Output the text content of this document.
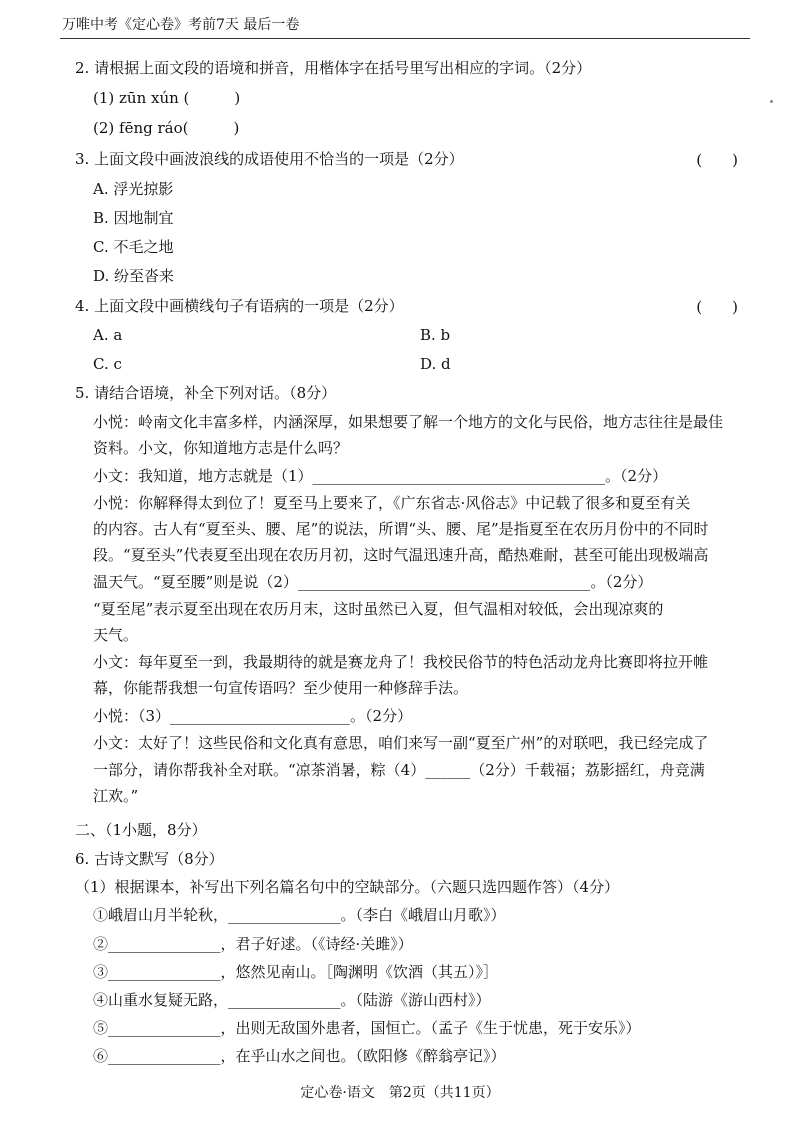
万唯中考《定心卷》考前7天 最后一卷
2. 请根据上面文段的语境和拼音，用楷体字在括号里写出相应的字词。（2分）
(1) zūn xún (　　　)
(2) fēng ráo(　　　)
3. 上面文段中画波浪线的成语使用不恰当的一项是（2分）
A. 浮光掠影
B. 因地制宜
C. 不毛之地
D. 纷至沓来
4. 上面文段中画横线句子有语病的一项是（2分）
A. a	B. b
C. c	D. d
5. 请结合语境，补全下列对话。（8分）
小悦：岭南文化丰富多样，内涵深厚，如果想要了解一个地方的文化与民俗，地方志往往是最佳
资料。小文，你知道地方志是什么吗？
小文：我知道，地方志就是（1）_______________________________________。（2分）
小悦：你解释得太到位了！夏至马上要来了，《广东省志·风俗志》中记载了很多和夏至有关
的内容。古人有“夏至头、腰、尾”的说法，所谓“头、腰、尾”是指夏至在农历月份中的不同时
段。“夏至头”代表夏至出现在农历月初，这时气温迅速升高，酷热难耐，甚至可能出现极端高
温天气。“夏至腰”则是说（2）_______________________________________。（2分）
“夏至尾”表示夏至出现在农历月末，这时虽然已入夏，但气温相对较低，会出现凉爽的
天气。
小文：每年夏至一到，我最期待的就是赛龙舟了！我校民俗节的特色活动龙舟比赛即将拉开帷
幕，你能帮我想一句宣传语吗？至少使用一种修辞手法。
小悦：（3）________________________。（2分）
小文：太好了！这些民俗和文化真有意思，咱们来写一副“夏至广州”的对联吧，我已经完成了
一部分，请你帮我补全对联。“凉茶消暑，粽（4）______（2分）千载福；荔影摇红，舟竞满
江欢。”
二、（1小题，8分）
6. 古诗文默写（8分）
（1）根据课本，补写出下列名篇名句中的空缺部分。（六题只选四题作答）（4分）
①峨眉山月半轮秋，_______________。（李白《峨眉山月歌》）
②_______________，君子好逑。（《诗经·关雎》）
③_______________，悠然见南山。［陶渊明《饮酒（其五）》］
④山重水复疑无路，_______________。（陆游《游山西村》）
⑤_______________，出则无敌国外患者，国恒亡。（孟子《生于忧患，死于安乐》）
⑥_______________，在乎山水之间也。（欧阳修《醉翁亭记》）
(　　)
(　　)
定心卷·语文　第2页（共11页）
